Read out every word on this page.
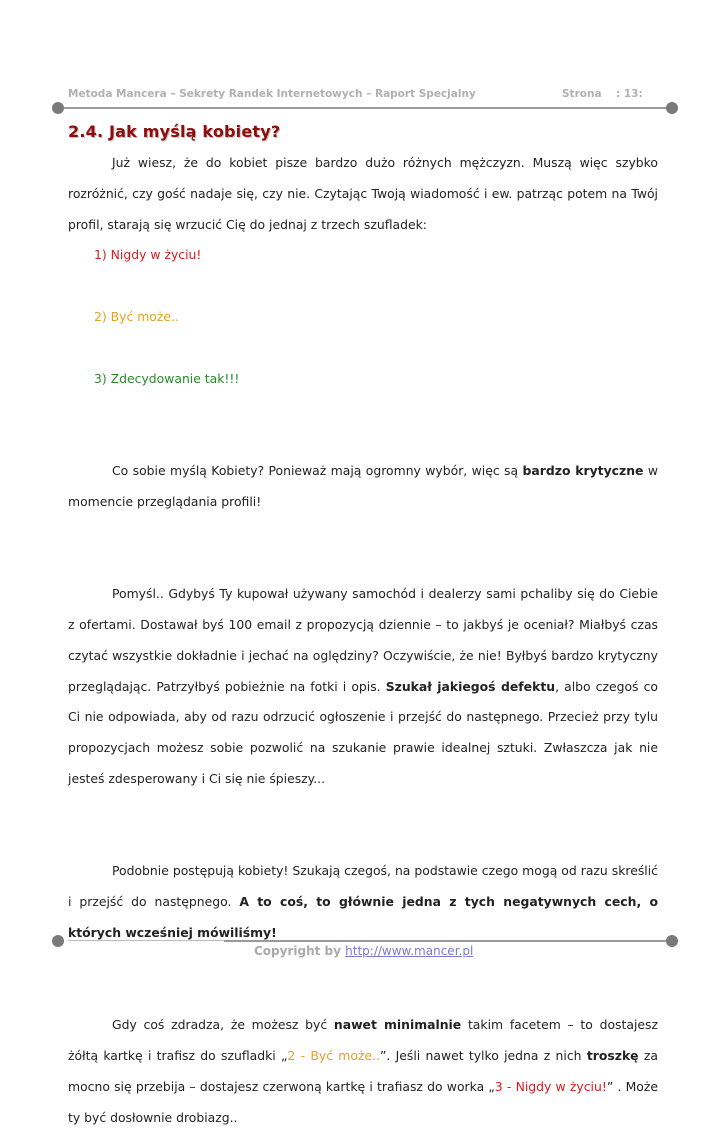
Metoda Mancera – Sekrety Randek Internetowych – Raport Specjalny	Strona : 13:
2.4. Jak myślą kobiety?

Już wiesz, że do kobiet pisze bardzo dużo różnych mężczyzn. Muszą więc szybko rozróżnić, czy gość nadaje się, czy nie. Czytając Twoją wiadomość i ew. patrząc potem na Twój profil, starają się wrzucić Cię do jednaj z trzech szufladek:

1) Nigdy w życiu!

2) Być może..

3) Zdecydowanie tak!!!

Co sobie myślą Kobiety? Ponieważ mają ogromny wybór, więc są bardzo krytyczne w momencie przeglądania profili!

Pomyśl.. Gdybyś Ty kupował używany samochód i dealerzy sami pchaliby się do Ciebie z ofertami. Dostawał byś 100 email z propozycją dziennie – to jakbyś je oceniał? Miałbyś czas czytać wszystkie dokładnie i jechać na oględziny? Oczywiście, że nie! Byłbyś bardzo krytyczny przeglądając. Patrzyłbyś pobieżnie na fotki i opis. Szukał jakiegoś defektu, albo czegoś co Ci nie odpowiada, aby od razu odrzucić ogłoszenie i przejść do następnego. Przecież przy tylu propozycjach możesz sobie pozwolić na szukanie prawie idealnej sztuki. Zwłaszcza jak nie jesteś zdesperowany i Ci się nie śpieszy...

Podobnie postępują kobiety! Szukają czegoś, na podstawie czego mogą od razu skreślić i przejść do następnego. A to coś, to głównie jedna z tych negatywnych cech, o których wcześniej mówiliśmy!

Gdy coś zdradza, że możesz być nawet minimalnie takim facetem – to dostajesz żółtą kartkę i trafisz do szufladki „2 - Być może..”. Jeśli nawet tylko jedna z nich troszkę za mocno się przebija – dostajesz czerwoną kartkę i trafiasz do worka „3 - Nigdy w życiu!” . Może ty być dosłownie drobiazg..

Copyright by http://www.mancer.pl
